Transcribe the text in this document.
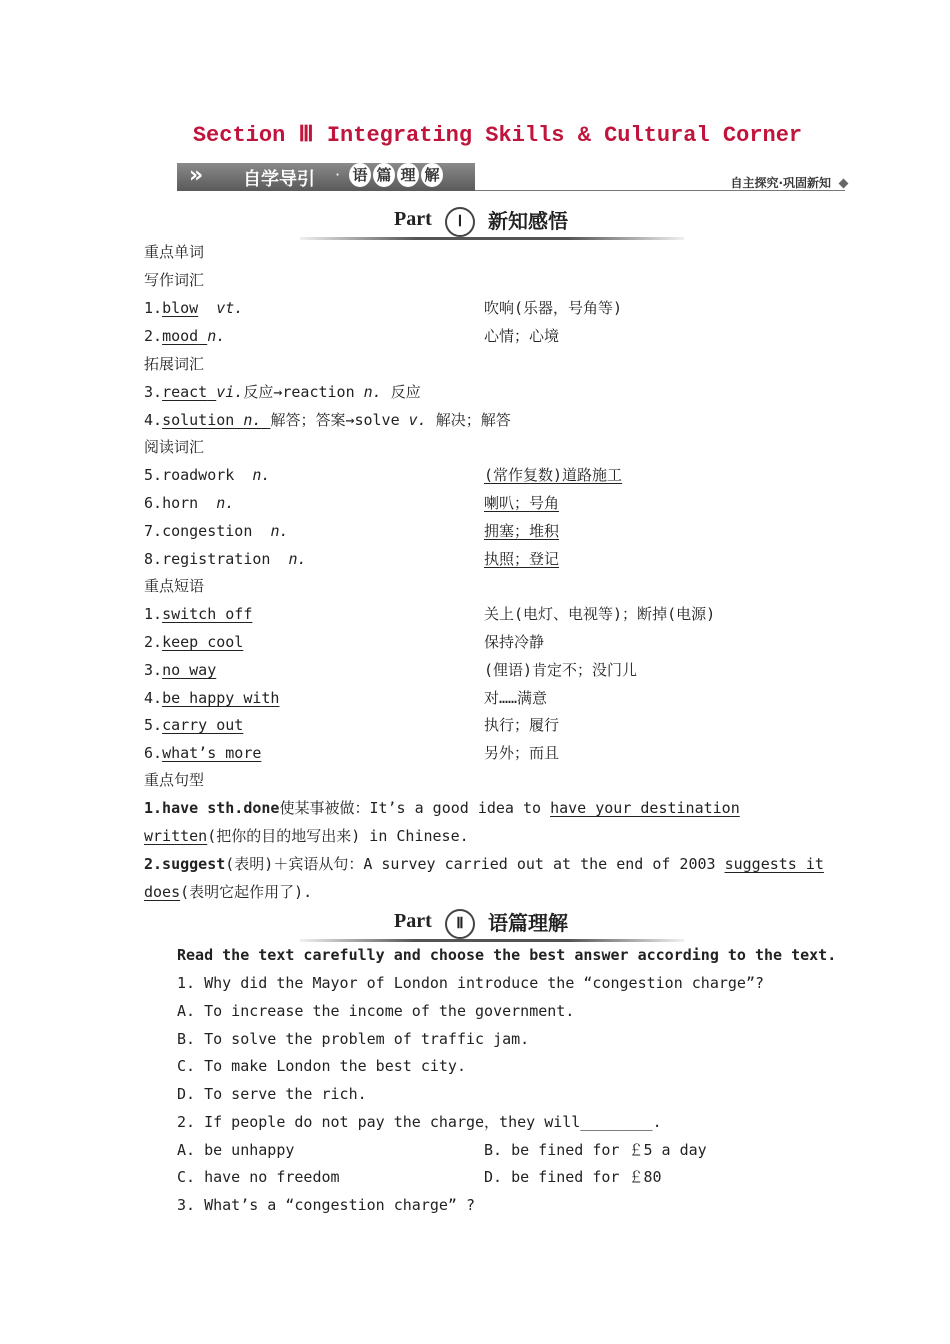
Section Ⅲ Integrating Skills & Cultural Corner
»	自学导引 · 语 篇 理 解	自主探究·巩固新知
Part	Ⅰ	新知感悟
重点单词
写作词汇
1.blow vt.	吹响(乐器，号角等)
2.mood n.	心情；心境
拓展词汇
3.react vi.反应→reaction n. 反应
4.solution n. 解答；答案→solve v. 解决；解答
阅读词汇
5.roadwork n.	(常作复数)道路施工
6.horn n.	喇叭；号角
7.congestion n.	拥塞；堆积
8.registration n.	执照；登记
重点短语
1.switch off	关上(电灯、电视等)；断掉(电源)
2.keep cool	保持冷静
3.no way	(俚语)肯定不；没门儿
4.be happy with	对……满意
5.carry out	执行；履行
6.what’s more	另外；而且
重点句型
1.have sth.done使某事被做：It’s a good idea to have your destination
written(把你的目的地写出来) in Chinese.
2.suggest(表明)＋宾语从句：A survey carried out at the end of 2003 suggests it
does(表明它起作用了).
Part	Ⅱ	语篇理解
Read the text carefully and choose the best answer according to the text.
1. Why did the Mayor of London introduce the “congestion charge”?
A. To increase the income of the government.
B. To solve the problem of traffic jam.
C. To make London the best city.
D. To serve the rich.
2. If people do not pay the charge，they will________.
A. be unhappy	B. be fined for ￡5 a day
C. have no freedom	D. be fined for ￡80
3. What’s a “congestion charge” ?
